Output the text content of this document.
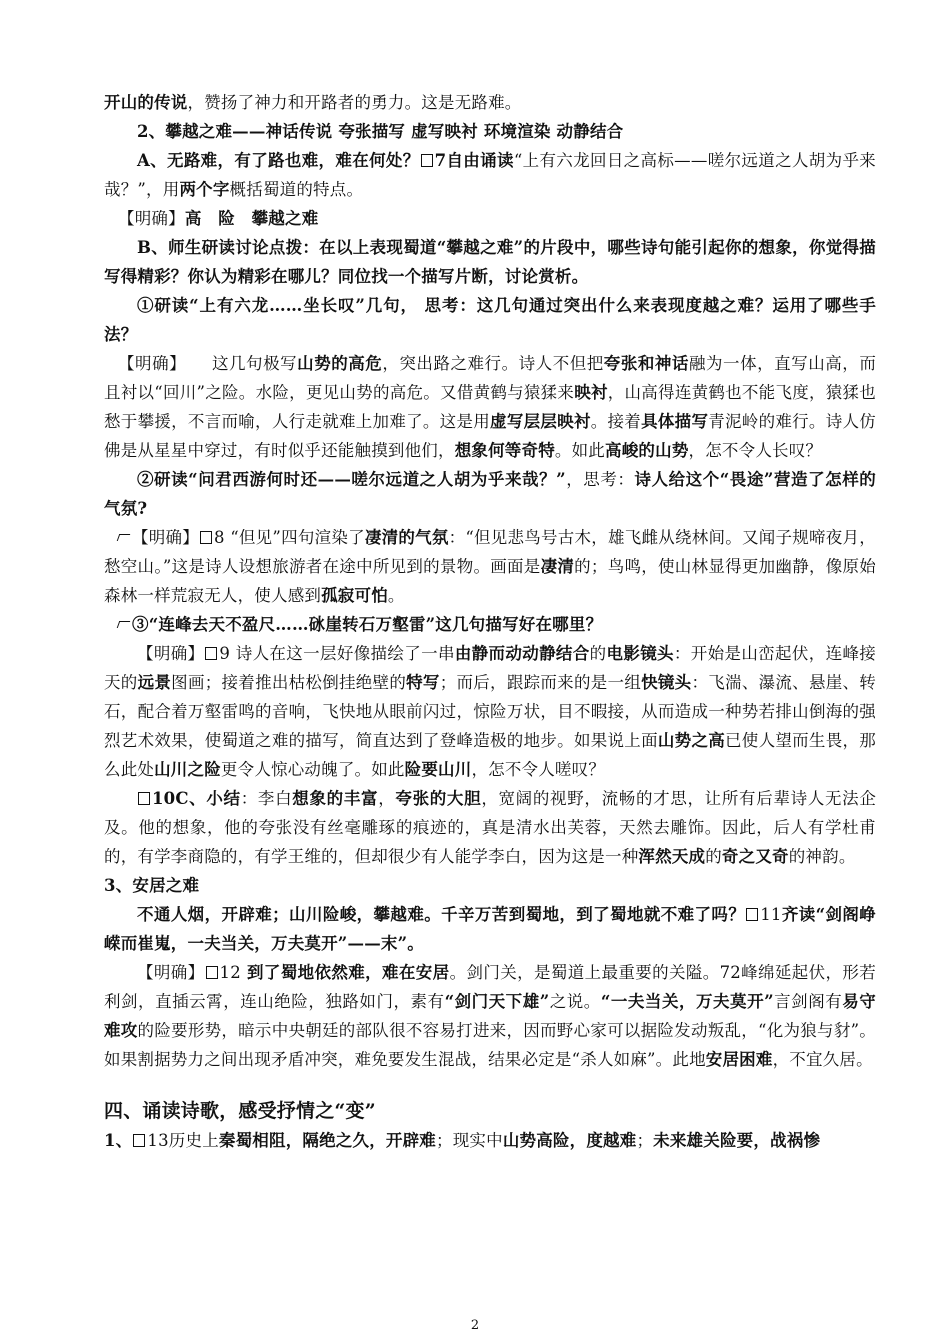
开山的传说，赞扬了神力和开路者的勇力。这是无路难。

2、攀越之难——神话传说 夸张描写 虚写映衬 环境渲染 动静结合

A、无路难，有了路也难，难在何处？ 7自由诵读“上有六龙回日之高标——嗟尔远道之人胡为乎来哉？”，用两个字概括蜀道的特点。

【明确】高　险　攀越之难

B、师生研读讨论点拨：在以上表现蜀道“攀越之难”的片段中，哪些诗句能引起你的想象，你觉得描写得精彩？你认为精彩在哪儿？同位找一个描写片断，讨论赏析。

①研读“上有六龙……坐长叹”几句， 思考：这几句通过突出什么来表现度越之难？运用了哪些手法？

【明确】　　 这几句极写山势的高危，突出路之难行。诗人不但把夸张和神话融为一体，直写山高，而且衬以“回川”之险。水险，更见山势的高危。又借黄鹤与猿猱来映衬，山高得连黄鹤也不能飞度，猿猱也愁于攀援，不言而喻，人行走就难上加难了。这是用虚写层层映衬。接着具体描写青泥岭的难行。诗人仿佛是从星星中穿过，有时似乎还能触摸到他们，想象何等奇特。如此高峻的山势，怎不令人长叹？

②研读“问君西游何时还——嗟尔远道之人胡为乎来哉？”，思考：诗人给这个“畏途”营造了怎样的气氛?

【明确】 8 “但见”四句渲染了凄清的气氛：“但见悲鸟号古木，雄飞雌从绕林间。又闻子规啼夜月，愁空山。”这是诗人设想旅游者在途中所见到的景物。画面是凄清的；鸟鸣，使山林显得更加幽静，像原始森林一样荒寂无人，使人感到孤寂可怕。

③“连峰去天不盈尺……砯崖转石万壑雷”这几句描写好在哪里？

【明确】 9 诗人在这一层好像描绘了一串由静而动动静结合的电影镜头：开始是山峦起伏，连峰接天的远景图画；接着推出枯松倒挂绝壁的特写；而后，跟踪而来的是一组快镜头：飞湍、瀑流、悬崖、转石，配合着万壑雷鸣的音响，飞快地从眼前闪过，惊险万状，目不暇接，从而造成一种势若排山倒海的强烈艺术效果，使蜀道之难的描写，简直达到了登峰造极的地步。如果说上面山势之高已使人望而生畏，那么此处山川之险更令人惊心动魄了。如此险要山川，怎不令人嗟叹？

10C、小结：李白想象的丰富，夸张的大胆，宽阔的视野，流畅的才思，让所有后辈诗人无法企及。他的想象，他的夸张没有丝毫雕琢的痕迹的，真是清水出芙蓉，天然去雕饰。因此，后人有学杜甫的，有学李商隐的，有学王维的，但却很少有人能学李白，因为这是一种浑然天成的奇之又奇的神韵。

3、安居之难

不通人烟，开辟难；山川险峻，攀越难。千辛万苦到蜀地，到了蜀地就不难了吗？ 11齐读“剑阁峥嵘而崔嵬，一夫当关，万夫莫开”——末”。

【明确】 12 到了蜀地依然难，难在安居。剑门关，是蜀道上最重要的关隘。72峰绵延起伏，形若利剑，直插云霄，连山绝险，独路如门，素有“剑门天下雄”之说。“一夫当关，万夫莫开”言剑阁有易守难攻的险要形势，暗示中央朝廷的部队很不容易打进来，因而野心家可以据险发动叛乱，“化为狼与豺”。如果割据势力之间出现矛盾冲突，难免要发生混战，结果必定是“杀人如麻”。此地安居困难，不宜久居。

四、诵读诗歌，感受抒情之“变”

1、 13历史上秦蜀相阻，隔绝之久，开辟难；现实中山势高险，度越难；未来雄关险要，战祸惨

2
